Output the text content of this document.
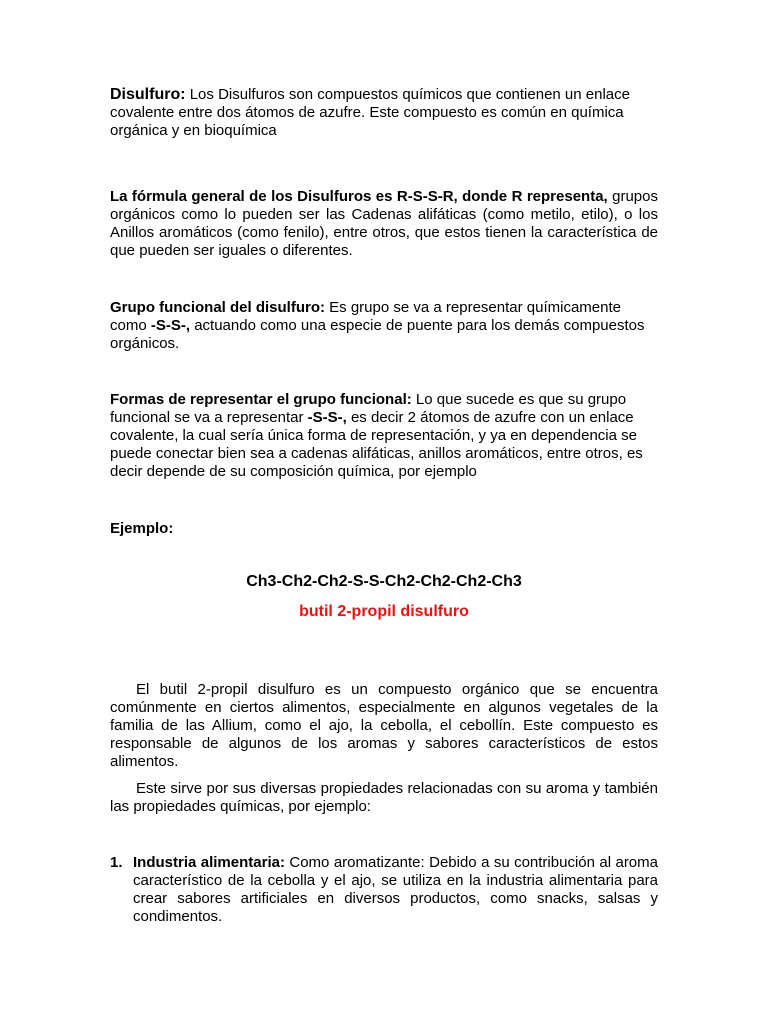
Disulfuro: Los Disulfuros son compuestos químicos que contienen un enlace covalente entre dos átomos de azufre. Este compuesto es común en química orgánica y en bioquímica

La fórmula general de los Disulfuros es R-S-S-R, donde R representa, grupos orgánicos como lo pueden ser las Cadenas alifáticas (como metilo, etilo), o los Anillos aromáticos (como fenilo), entre otros, que estos tienen la característica de que pueden ser iguales o diferentes.

Grupo funcional del disulfuro: Es grupo se va a representar químicamente como -S-S-, actuando como una especie de puente para los demás compuestos orgánicos.

Formas de representar el grupo funcional: Lo que sucede es que su grupo funcional se va a representar -S-S-, es decir 2 átomos de azufre con un enlace covalente, la cual sería única forma de representación, y ya en dependencia se puede conectar bien sea a cadenas alifáticas, anillos aromáticos, entre otros, es decir depende de su composición química, por ejemplo

Ejemplo:

Ch3-Ch2-Ch2-S-S-Ch2-Ch2-Ch2-Ch3

butil 2-propil disulfuro

El butil 2-propil disulfuro es un compuesto orgánico que se encuentra comúnmente en ciertos alimentos, especialmente en algunos vegetales de la familia de las Allium, como el ajo, la cebolla, el cebollín. Este compuesto es responsable de algunos de los aromas y sabores característicos de estos alimentos.

Este sirve por sus diversas propiedades relacionadas con su aroma y también las propiedades químicas, por ejemplo:

1. Industria alimentaria: Como aromatizante: Debido a su contribución al aroma característico de la cebolla y el ajo, se utiliza en la industria alimentaria para crear sabores artificiales en diversos productos, como snacks, salsas y condimentos.
